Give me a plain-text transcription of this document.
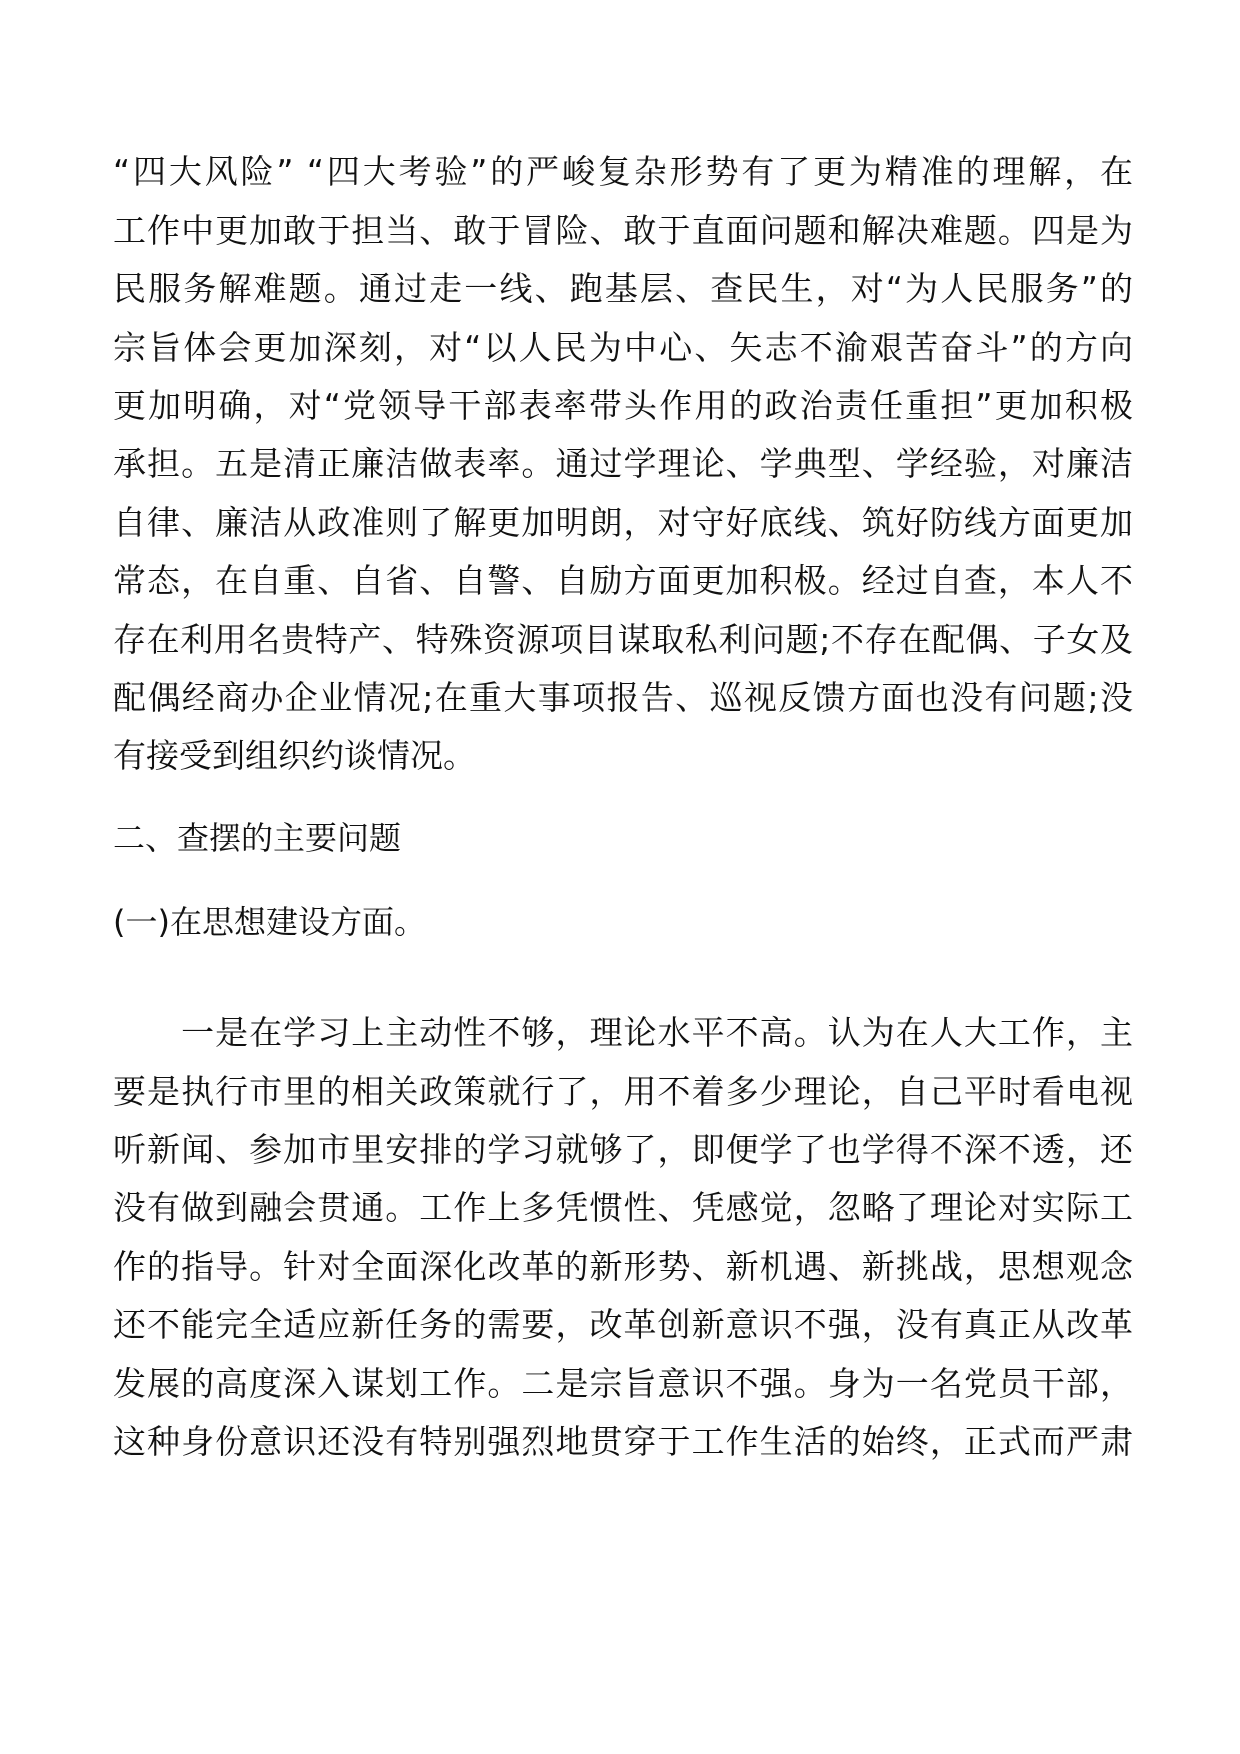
“四大风险” “四大考验”的严峻复杂形势有了更为精准的理解，在
工作中更加敢于担当、敢于冒险、敢于直面问题和解决难题。四是为
民服务解难题。通过走一线、跑基层、查民生，对“为人民服务”的
宗旨体会更加深刻，对“以人民为中心、矢志不渝艰苦奋斗”的方向
更加明确，对“党领导干部表率带头作用的政治责任重担”更加积极
承担。五是清正廉洁做表率。通过学理论、学典型、学经验，对廉洁
自律、廉洁从政准则了解更加明朗，对守好底线、筑好防线方面更加
常态，在自重、自省、自警、自励方面更加积极。经过自查，本人不
存在利用名贵特产、特殊资源项目谋取私利问题;不存在配偶、子女及
配偶经商办企业情况;在重大事项报告、巡视反馈方面也没有问题;没
有接受到组织约谈情况。
二、查摆的主要问题
(一)在思想建设方面。
　　一是在学习上主动性不够，理论水平不高。认为在人大工作，主
要是执行市里的相关政策就行了，用不着多少理论，自己平时看电视
听新闻、参加市里安排的学习就够了，即便学了也学得不深不透，还
没有做到融会贯通。工作上多凭惯性、凭感觉，忽略了理论对实际工
作的指导。针对全面深化改革的新形势、新机遇、新挑战，思想观念
还不能完全适应新任务的需要，改革创新意识不强，没有真正从改革
发展的高度深入谋划工作。二是宗旨意识不强。身为一名党员干部，
这种身份意识还没有特别强烈地贯穿于工作生活的始终，正式而严肃
